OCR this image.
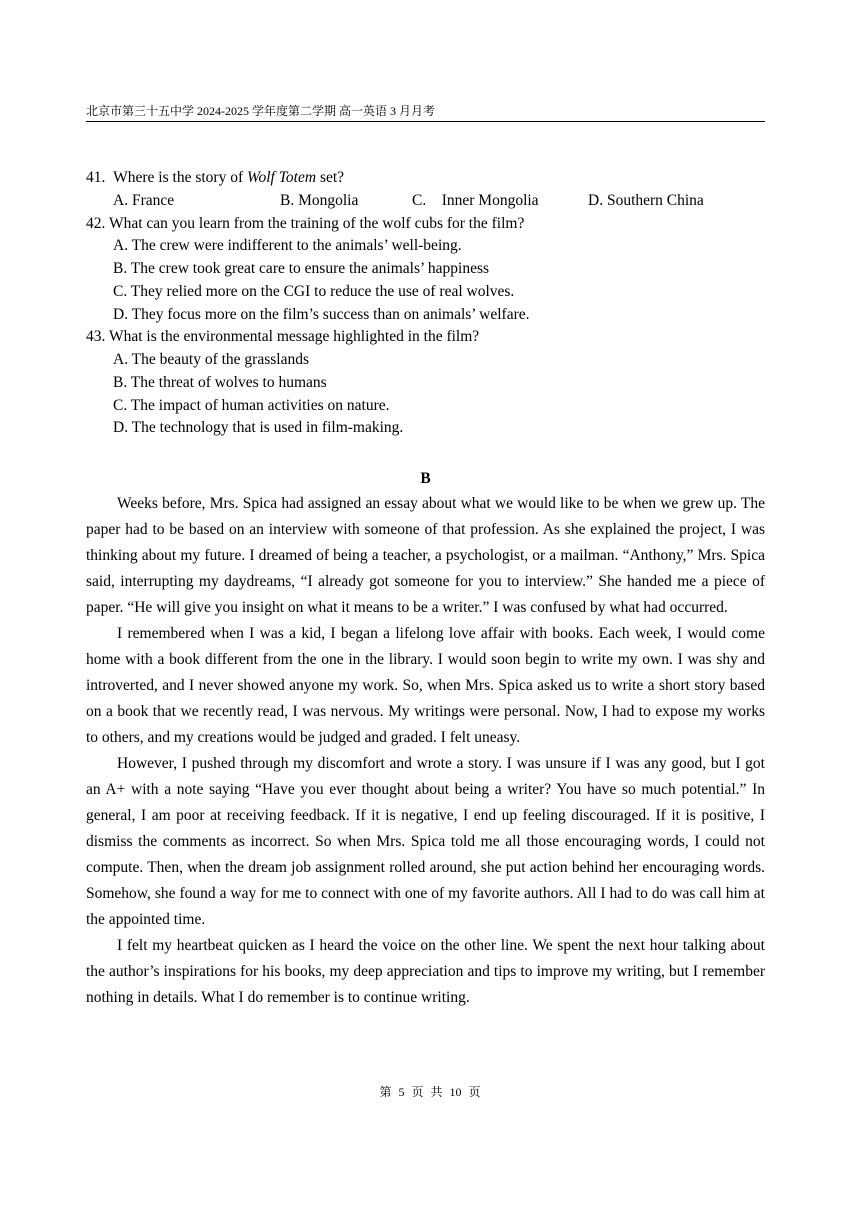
北京市第三十五中学 2024-2025 学年度第二学期 高一英语 3 月月考
41. Where is the story of Wolf Totem set?
A. France	B. Mongolia	C.    Inner Mongolia	D. Southern China
42. What can you learn from the training of the wolf cubs for the film?
A. The crew were indifferent to the animals’ well-being.
B. The crew took great care to ensure the animals’ happiness
C. They relied more on the CGI to reduce the use of real wolves.
D. They focus more on the film’s success than on animals’ welfare.
43. What is the environmental message highlighted in the film?
A. The beauty of the grasslands
B. The threat of wolves to humans
C. The impact of human activities on nature.
D. The technology that is used in film-making.
B

Weeks before, Mrs. Spica had assigned an essay about what we would like to be when we grew up. The paper had to be based on an interview with someone of that profession. As she explained the project, I was thinking about my future. I dreamed of being a teacher, a psychologist, or a mailman. “Anthony,” Mrs. Spica said, interrupting my daydreams, “I already got someone for you to interview.” She handed me a piece of paper. “He will give you insight on what it means to be a writer.” I was confused by what had occurred.

I remembered when I was a kid, I began a lifelong love affair with books. Each week, I would come home with a book different from the one in the library. I would soon begin to write my own. I was shy and introverted, and I never showed anyone my work. So, when Mrs. Spica asked us to write a short story based on a book that we recently read, I was nervous. My writings were personal. Now, I had to expose my works to others, and my creations would be judged and graded. I felt uneasy.

However, I pushed through my discomfort and wrote a story. I was unsure if I was any good, but I got an A+ with a note saying “Have you ever thought about being a writer? You have so much potential.” In general, I am poor at receiving feedback. If it is negative, I end up feeling discouraged. If it is positive, I dismiss the comments as incorrect. So when Mrs. Spica told me all those encouraging words, I could not compute. Then, when the dream job assignment rolled around, she put action behind her encouraging words. Somehow, she found a way for me to connect with one of my favorite authors. All I had to do was call him at the appointed time.

I felt my heartbeat quicken as I heard the voice on the other line. We spent the next hour talking about the author’s inspirations for his books, my deep appreciation and tips to improve my writing, but I remember nothing in details. What I do remember is to continue writing.

第 5 页 共 10 页
